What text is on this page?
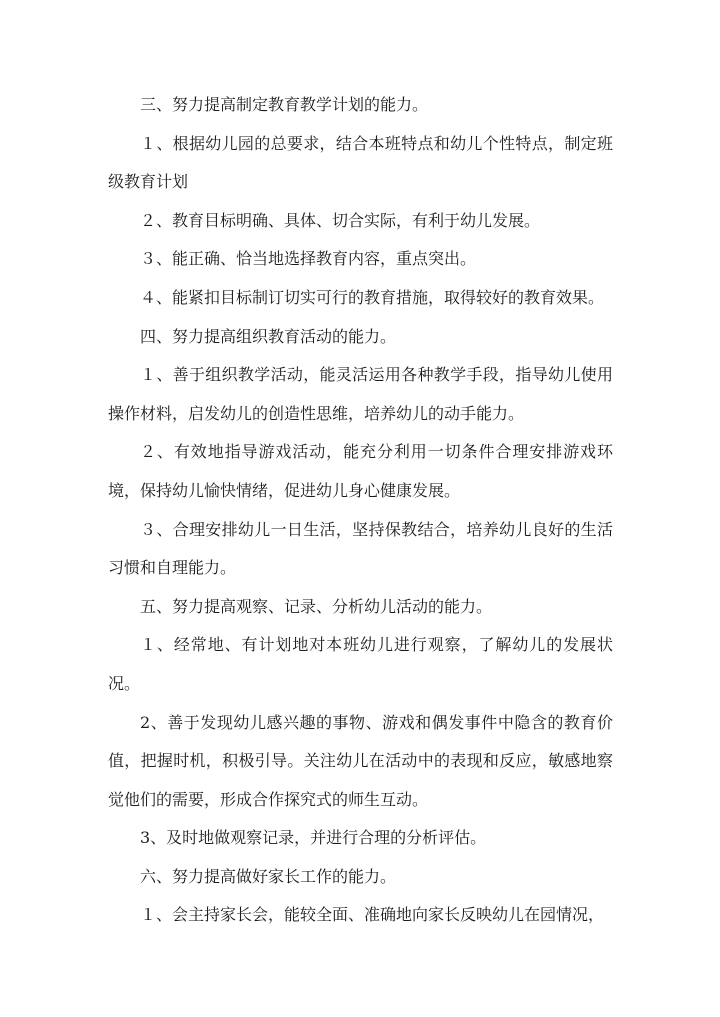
三、努力提高制定教育教学计划的能力。

１、根据幼儿园的总要求，结合本班特点和幼儿个性特点，制定班级教育计划

２、教育目标明确、具体、切合实际，有利于幼儿发展。

３、能正确、恰当地选择教育内容，重点突出。

４、能紧扣目标制订切实可行的教育措施，取得较好的教育效果。

四、努力提高组织教育活动的能力。

１、善于组织教学活动，能灵活运用各种教学手段，指导幼儿使用操作材料，启发幼儿的创造性思维，培养幼儿的动手能力。

２、有效地指导游戏活动，能充分利用一切条件合理安排游戏环境，保持幼儿愉快情绪，促进幼儿身心健康发展。

３、合理安排幼儿一日生活，坚持保教结合，培养幼儿良好的生活习惯和自理能力。

五、努力提高观察、记录、分析幼儿活动的能力。

１、经常地、有计划地对本班幼儿进行观察，了解幼儿的发展状况。

2、善于发现幼儿感兴趣的事物、游戏和偶发事件中隐含的教育价值，把握时机，积极引导。关注幼儿在活动中的表现和反应，敏感地察觉他们的需要，形成合作探究式的师生互动。

3、及时地做观察记录，并进行合理的分析评估。

六、努力提高做好家长工作的能力。

１、会主持家长会，能较全面、准确地向家长反映幼儿在园情况，
